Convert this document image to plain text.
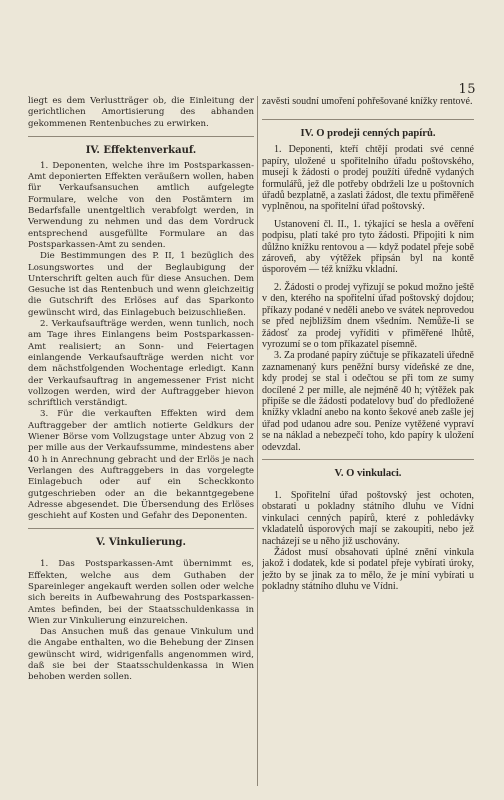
15

liegt es dem Verlustträger ob, die Einleitung der gerichtlichen Amortisierung des abhanden gekommenen Rentenbuches zu erwirken.

IV. Effektenverkauf.

1. Deponenten, welche ihre im Postsparkassen-Amt deponierten Effekten veräußern wollen, haben für Verkaufsansuchen amtlich aufgelegte Formulare, welche von den Postämtern im Bedarfsfalle unentgeltlich verabfolgt werden, in Verwendung zu nehmen und das dem Vordruck entsprechend ausgefüllte Formulare an das Postsparkassen-Amt zu senden.

Die Bestimmungen des P. II, 1 bezüglich des Losungswortes und der Beglaubigung der Unterschrift gelten auch für diese Ansuchen. Dem Gesuche ist das Rentenbuch und wenn gleichzeitig die Gutschrift des Erlöses auf das Sparkonto gewünscht wird, das Einlagebuch beizuschließen.

2. Verkaufsaufträge werden, wenn tunlich, noch am Tage ihres Einlangens beim Postsparkassen-Amt realisiert; an Sonn- und Feiertagen einlangende Verkaufsaufträge werden nicht vor dem nächstfolgenden Wochentage erledigt. Kann der Verkaufsauftrag in angemessener Frist nicht vollzogen werden, wird der Auftraggeber hievon schriftlich verständigt.

3. Für die verkauften Effekten wird dem Auftraggeber der amtlich notierte Geldkurs der Wiener Börse vom Vollzugstage unter Abzug von 2 per mille aus der Verkaufssumme, mindestens aber 40 h in Anrechnung gebracht und der Erlös je nach Verlangen des Auftraggebers in das vorgelegte Einlagebuch oder auf ein Scheckkonto gutgeschrieben oder an die bekanntgegebene Adresse abgesendet. Die Übersendung des Erlöses geschieht auf Kosten und Gefahr des Deponenten.

V. Vinkulierung.

1. Das Postsparkassen-Amt übernimmt es, Effekten, welche aus dem Guthaben der Spareinleger angekauft werden sollen oder welche sich bereits in Aufbewahrung des Postsparkassen-Amtes befinden, bei der Staatsschuldenkassa in Wien zur Vinkulierung einzureichen.

Das Ansuchen muß das genaue Vinkulum und die Angabe enthalten, wo die Behebung der Zinsen gewünscht wird, widrigenfalls angenommen wird, daß sie bei der Staatsschuldenkassa in Wien behoben werden sollen.

zavěsti soudní umoření pohřešované knížky rentové.

IV. O prodeji cenných papírů.

1. Deponenti, kteří chtějí prodati své cenné papíry, uložené u spořitelního úřadu poštovského, musejí k žádosti o prodej použíti úředně vydaných formulářů, jež dle potřeby obdrželi lze u poštovních úřadů bezplatně, a zaslati žádost, dle textu přiměřeně vyplněnou, na spořitelní úřad poštovský.

Ustanovení čl. II., 1. týkající se hesla a ověření podpisu, platí také pro tyto žádosti. Připojiti k nim důlžno knížku rentovou a — když podatel přeje sobě zároveň, aby výtěžek připsán byl na kontě úsporovém — též knížku vkladní.

2. Žádosti o prodej vyřizují se pokud možno ještě v den, kterého na spořitelní úřad poštovský dojdou; příkazy podané v neděli anebo ve svátek neprovedou se před nejbližším dnem všedním. Nemůže-li se žádosť za prodej vyříditi v přiměřené lhůtě, vyrozumí se o tom příkazatel písemně.

3. Za prodané papíry zúčtuje se příkazateli úředně zaznamenaný kurs peněžní bursy vídeňské ze dne, kdy prodej se stal i odečtou se při tom ze sumy docílené 2 per mille, ale nejméně 40 h; výtěžek pak připíše se dle žádosti podatelovy buď do předložené knížky vkladní anebo na konto šekové aneb zašle jej úřad pod udanou adre sou. Peníze vytěžené vypraví se na náklad a nebezpečí toho, kdo papíry k uložení odevzdal.

V. O vinkulaci.

1. Spořitelní úřad poštovský jest ochoten, obstarati u pokladny státního dluhu ve Vídni vinkulaci cenných papírů, které z pohledávky vkladatelů úsporových mají se zakoupiti, nebo jež nacházejí se u něho již uschovány.

Žádost musí obsahovati úplné znění vinkula jakož i dodatek, kde si podatel přeje vybírati úroky, ježto by se jinak za to mělo, že je míní vybírati u pokladny státního dluhu ve Vídni.
